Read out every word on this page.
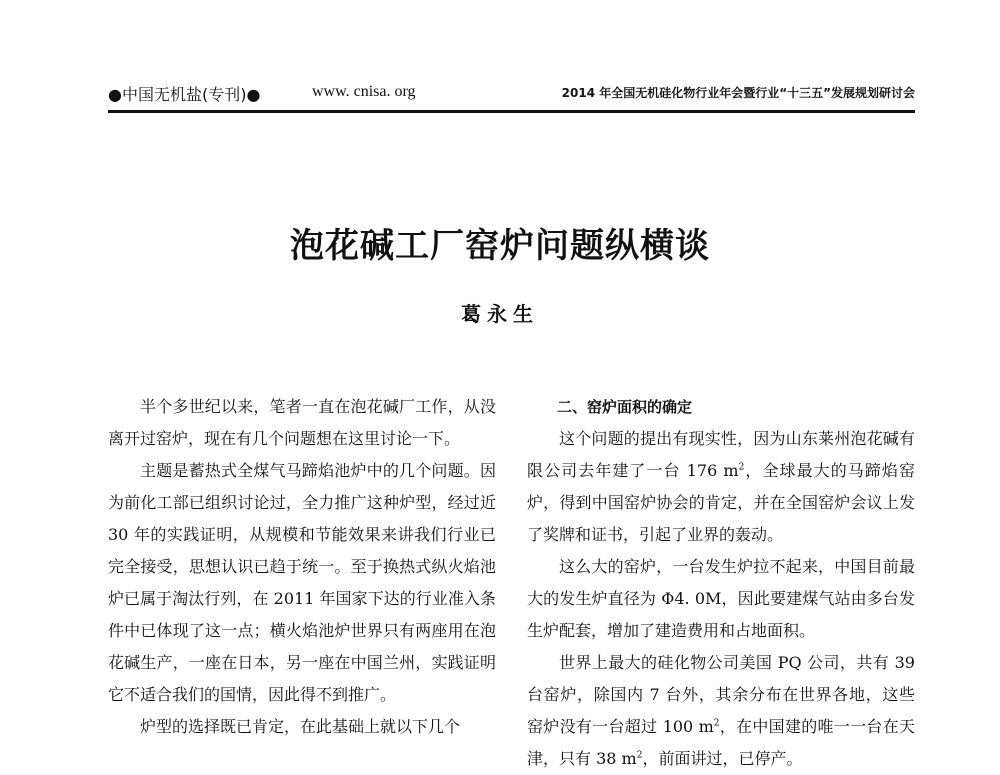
●中国无机盐(专刊)●	www. cnisa. org	2014 年全国无机硅化物行业年会暨行业“十三五”发展规划研讨会
泡花碱工厂窑炉问题纵横谈
葛永生

半个多世纪以来，笔者一直在泡花碱厂工作，从没离开过窑炉，现在有几个问题想在这里讨论一下。

主题是蓄热式全煤气马蹄焰池炉中的几个问题。因为前化工部已组织讨论过，全力推广这种炉型，经过近 30 年的实践证明，从规模和节能效果来讲我们行业已完全接受，思想认识已趋于统一。至于换热式纵火焰池炉已属于淘汰行列，在 2011 年国家下达的行业准入条件中已体现了这一点；横火焰池炉世界只有两座用在泡花碱生产，一座在日本，另一座在中国兰州，实践证明它不适合我们的国情，因此得不到推广。

炉型的选择既已肯定，在此基础上就以下几个

二、窑炉面积的确定

这个问题的提出有现实性，因为山东莱州泡花碱有限公司去年建了一台 176 $m^2$，全球最大的马蹄焰窑炉，得到中国窑炉协会的肯定，并在全国窑炉会议上发了奖牌和证书，引起了业界的轰动。

这么大的窑炉，一台发生炉拉不起来，中国目前最大的发生炉直径为 Φ4. 0M，因此要建煤气站由多台发生炉配套，增加了建造费用和占地面积。

世界上最大的硅化物公司美国 PQ 公司，共有 39 台窑炉，除国内 7 台外，其余分布在世界各地，这些窑炉没有一台超过 100 $m^2$，在中国建的唯一一台在天津，只有 38 $m^2$，前面讲过，已停产。
